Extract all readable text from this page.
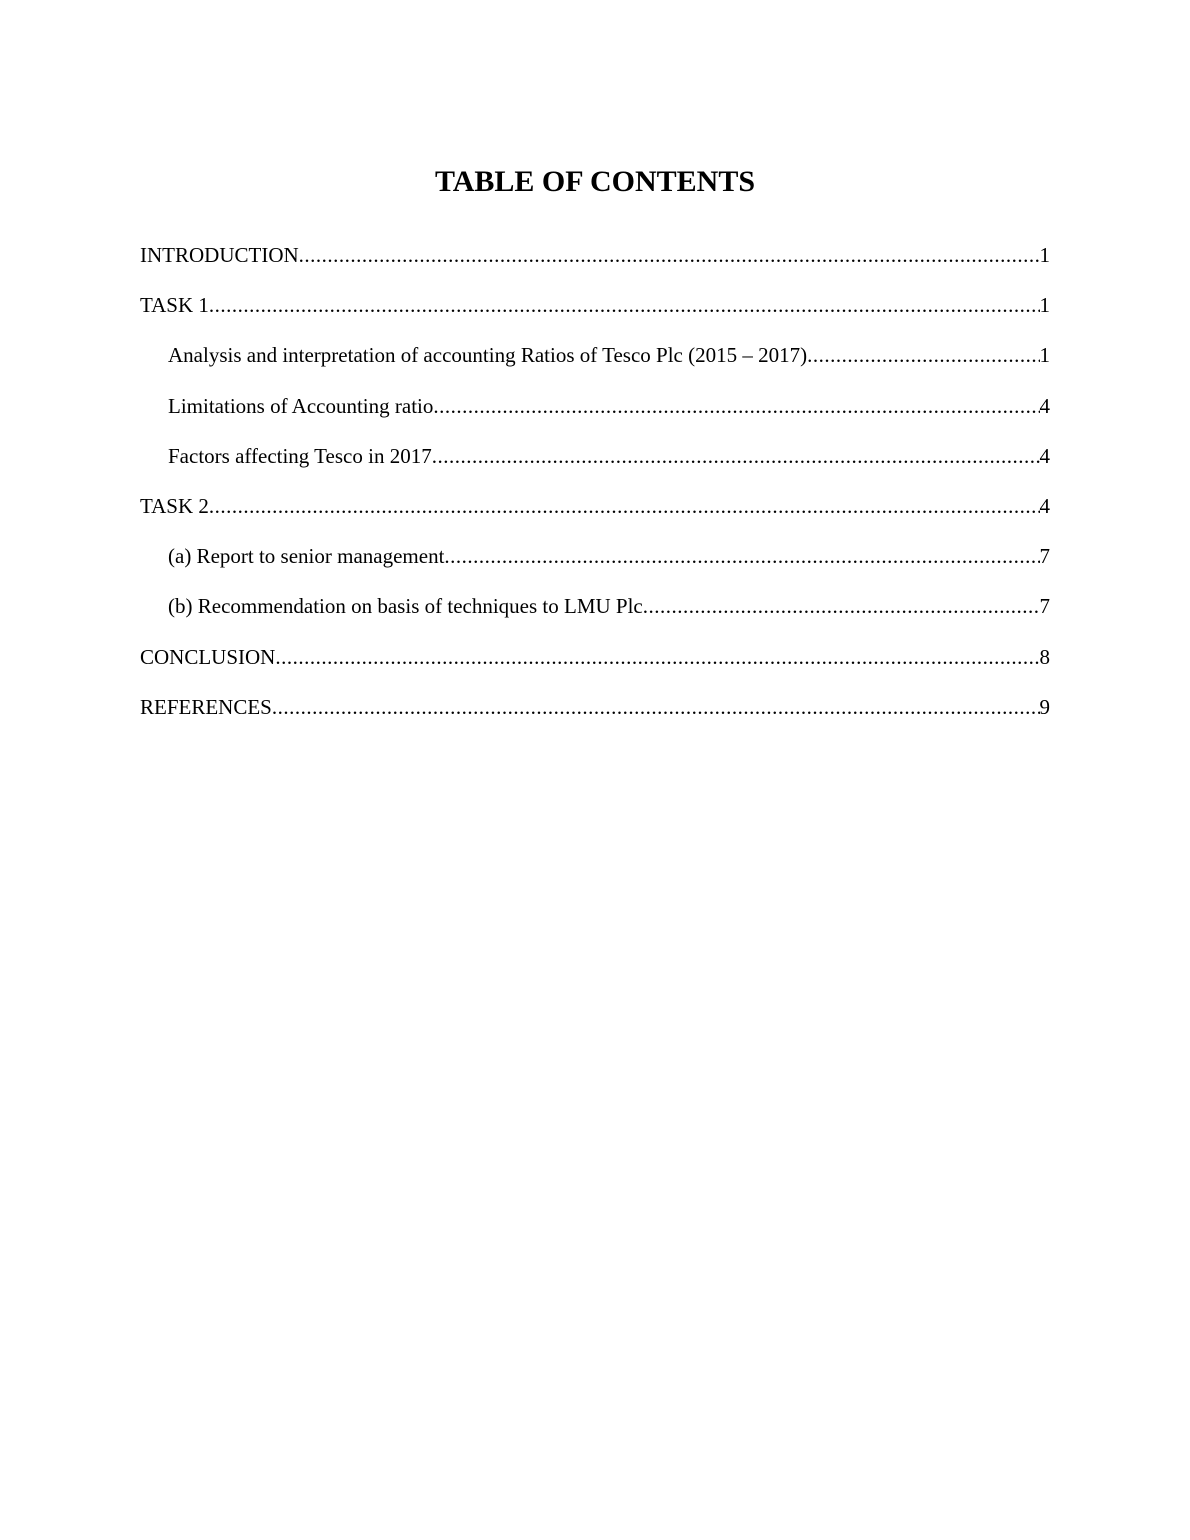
TABLE OF CONTENTS
INTRODUCTION .....	1
TASK 1 .....	1
Analysis and interpretation of accounting Ratios of Tesco Plc (2015 – 2017) .....	1
Limitations of Accounting ratio .....	4
Factors affecting Tesco in 2017 .....	4
TASK 2 .....	4
(a) Report to senior management .....	7
(b) Recommendation on basis of techniques to LMU Plc .....	7
CONCLUSION .....	8
REFERENCES .....	9
